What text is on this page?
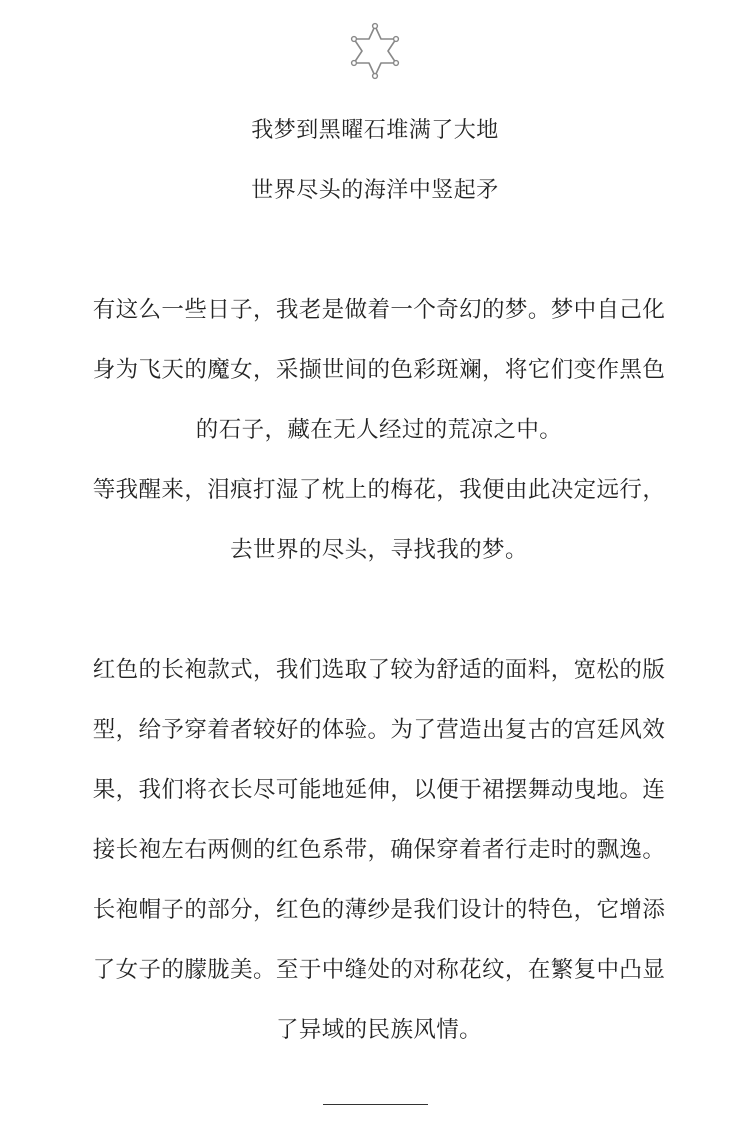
我梦到黑曜石堆满了大地
世界尽头的海洋中竖起矛
有这么一些日子，我老是做着一个奇幻的梦。梦中自己化身为飞天的魔女，采撷世间的色彩斑斓，将它们变作黑色的石子，藏在无人经过的荒凉之中。
等我醒来，泪痕打湿了枕上的梅花，我便由此决定远行，去世界的尽头，寻找我的梦。
红色的长袍款式，我们选取了较为舒适的面料，宽松的版型，给予穿着者较好的体验。为了营造出复古的宫廷风效果，我们将衣长尽可能地延伸，以便于裙摆舞动曳地。连接长袍左右两侧的红色系带，确保穿着者行走时的飘逸。长袍帽子的部分，红色的薄纱是我们设计的特色，它增添了女子的朦胧美。至于中缝处的对称花纹，在繁复中凸显了异域的民族风情。
